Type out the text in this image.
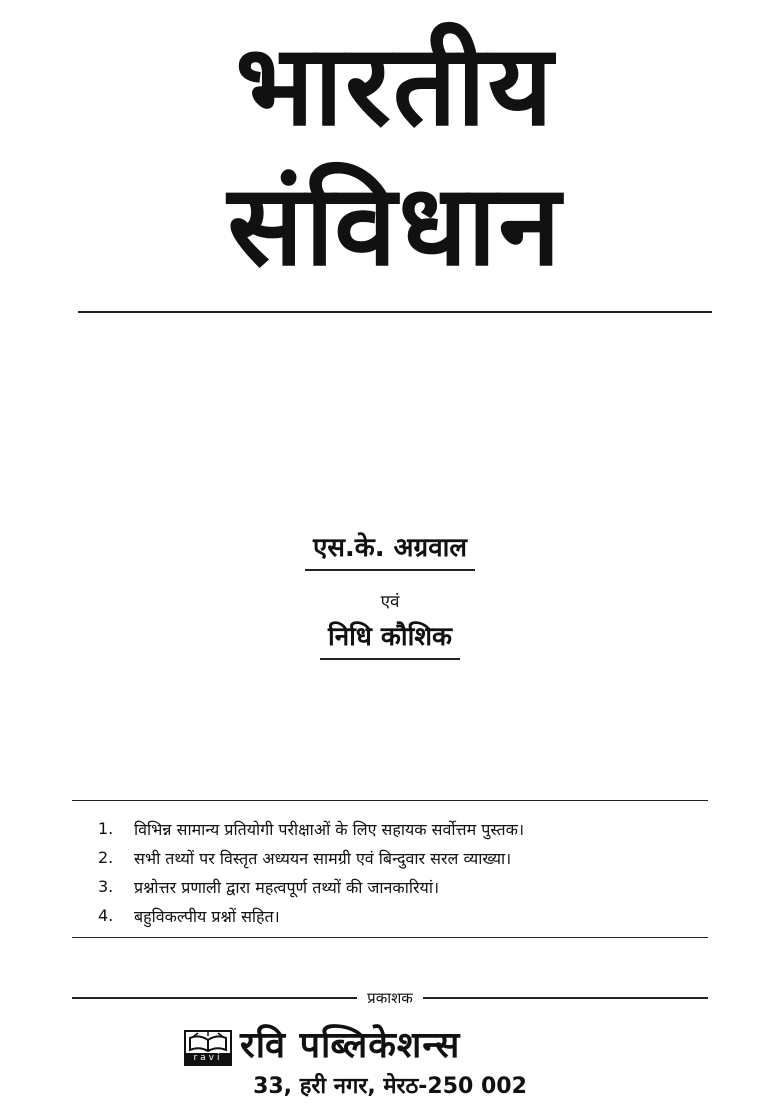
भारतीय
संविधान
एस.के. अग्रवाल
एवं
निधि कौशिक
1.	विभिन्न सामान्य प्रतियोगी परीक्षाओं के लिए सहायक सर्वोत्तम पुस्तक।
2.	सभी तथ्यों पर विस्तृत अध्ययन सामग्री एवं बिन्दुवार सरल व्याख्या।
3.	प्रश्नोत्तर प्रणाली द्वारा महत्वपूर्ण तथ्यों की जानकारियां।
4.	बहुविकल्पीय प्रश्नों सहित।
प्रकाशक
ravi रवि पब्लिकेशन्स
33, हरी नगर, मेरठ-250 002
